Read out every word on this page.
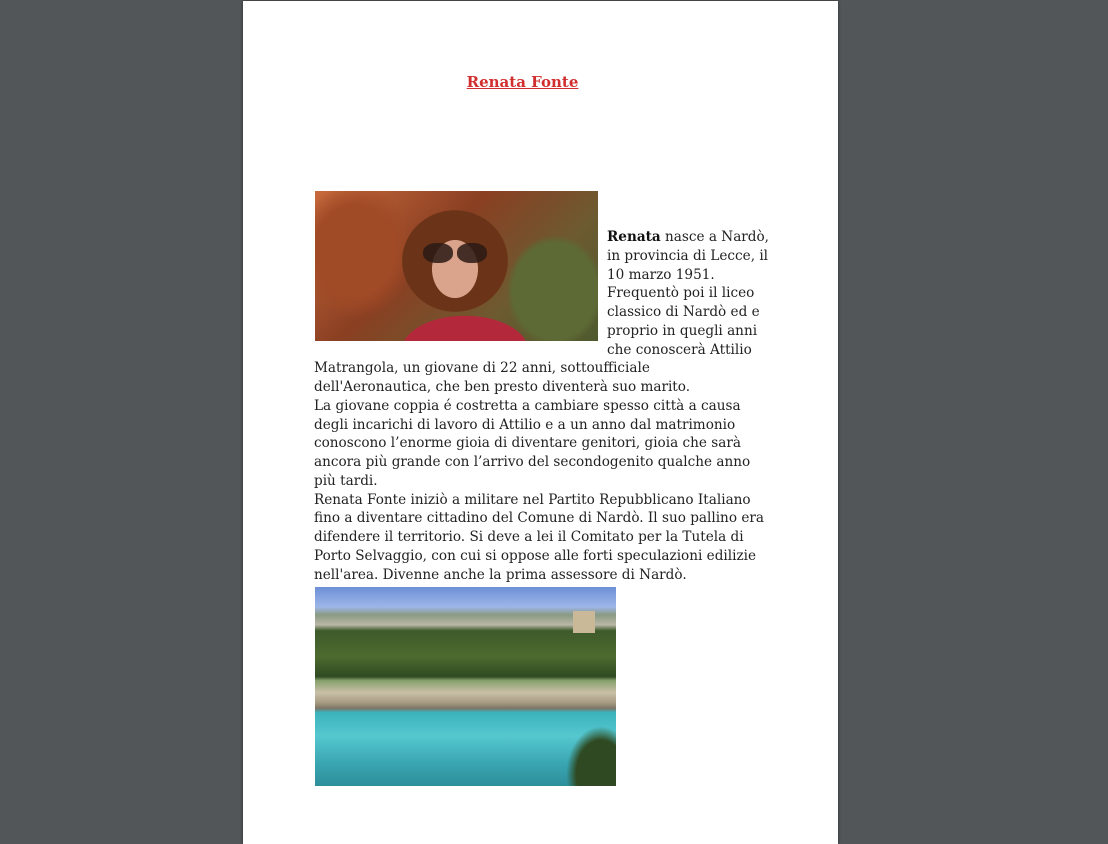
Renata Fonte

Renata nasce a Nardò, in provincia di Lecce, il 10 marzo 1951.

Frequentò poi il liceo classico di Nardò ed e proprio in quegli anni che conoscerà Attilio Matrangola, un giovane di 22 anni, sottoufficiale dell'Aeronautica, che ben presto diventerà suo marito.

La giovane coppia é costretta a cambiare spesso città a causa degli incarichi di lavoro di Attilio e a un anno dal matrimonio conoscono l’enorme gioia di diventare genitori, gioia che sarà ancora più grande con l’arrivo del secondogenito qualche anno più tardi.

Renata Fonte iniziò a militare nel Partito Repubblicano Italiano fino a diventare cittadino del Comune di Nardò. Il suo pallino era difendere il territorio. Si deve a lei il Comitato per la Tutela di Porto Selvaggio, con cui si oppose alle forti speculazioni edilizie nell'area. Divenne anche la prima assessore di Nardò.
